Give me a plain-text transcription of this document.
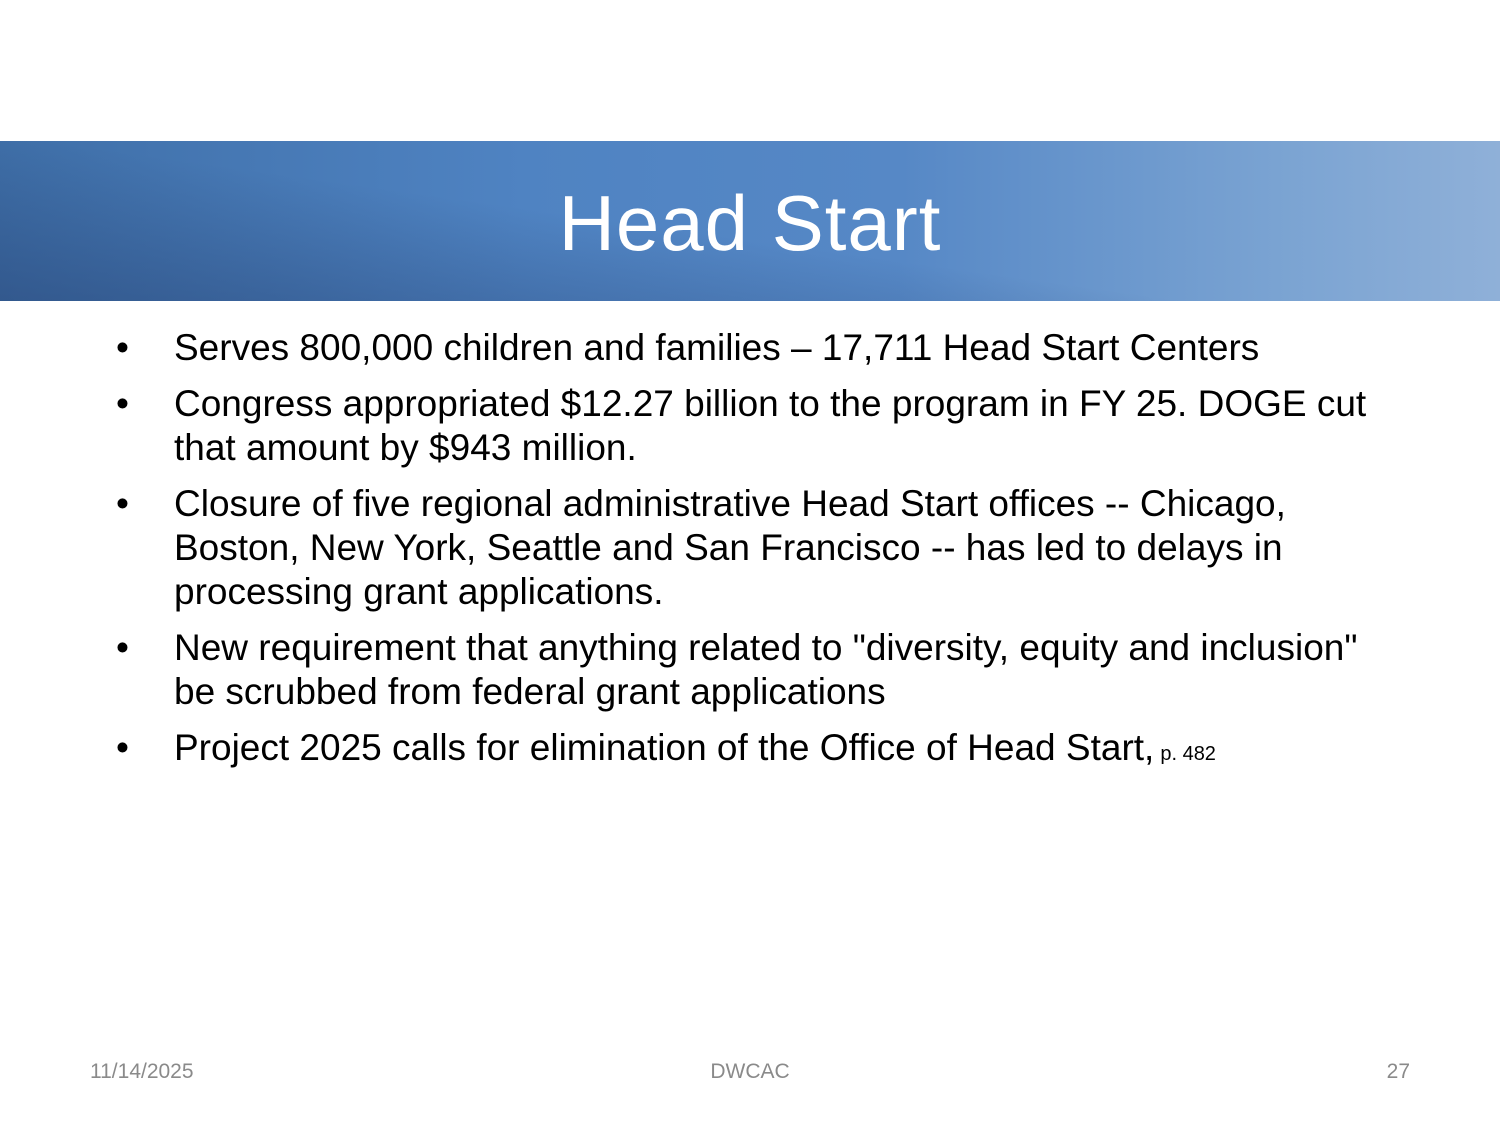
Head Start
• Serves 800,000 children and families – 17,711 Head Start Centers
• Congress appropriated $12.27 billion to the program in FY 25. DOGE cut that amount by $943 million.
• Closure of five regional administrative Head Start offices -- Chicago, Boston, New York, Seattle and San Francisco -- has led to delays in processing grant applications.
• New requirement that anything related to "diversity, equity and inclusion" be scrubbed from federal grant applications
• Project 2025 calls for elimination of the Office of Head Start, p. 482
11/14/2025	DWCAC	27
